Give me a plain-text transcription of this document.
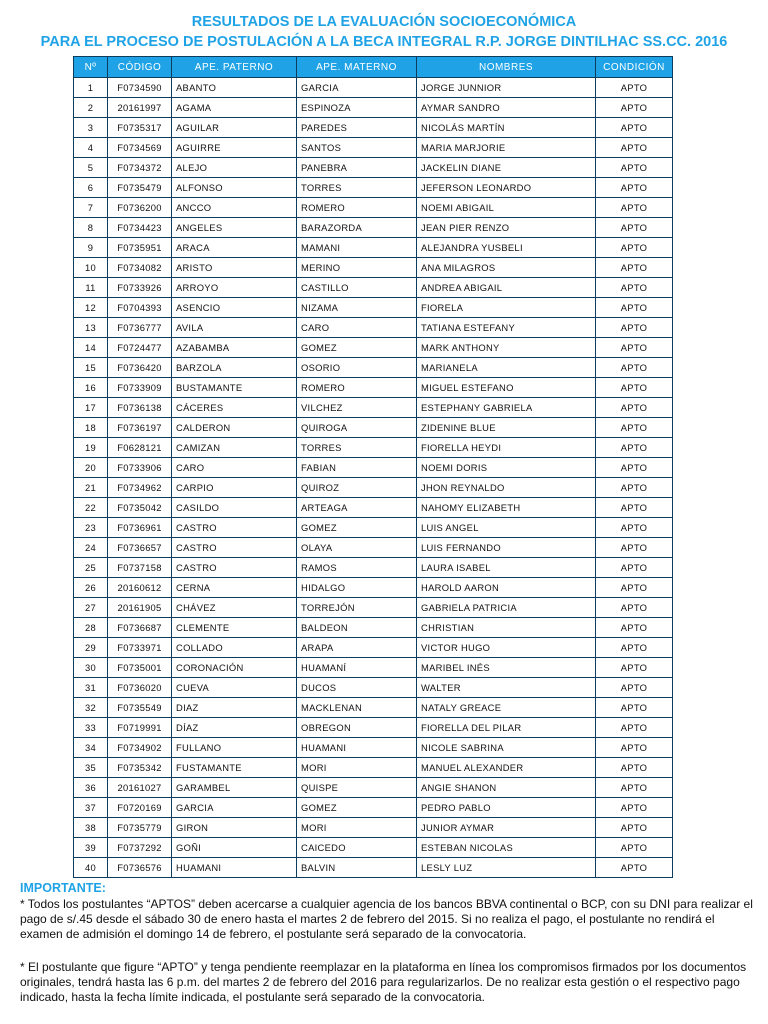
RESULTADOS DE LA EVALUACIÓN SOCIOECONÓMICA
PARA EL PROCESO DE POSTULACIÓN A LA BECA INTEGRAL R.P. JORGE DINTILHAC SS.CC. 2016
Nº	CÓDIGO	APE. PATERNO	APE. MATERNO	NOMBRES	CONDICIÓN
1	F0734590	ABANTO	GARCIA	JORGE JUNNIOR	APTO
2	20161997	AGAMA	ESPINOZA	AYMAR SANDRO	APTO
3	F0735317	AGUILAR	PAREDES	NICOLÁS MARTÍN	APTO
4	F0734569	AGUIRRE	SANTOS	MARIA MARJORIE	APTO
5	F0734372	ALEJO	PANEBRA	JACKELIN DIANE	APTO
6	F0735479	ALFONSO	TORRES	JEFERSON LEONARDO	APTO
7	F0736200	ANCCO	ROMERO	NOEMI ABIGAIL	APTO
8	F0734423	ANGELES	BARAZORDA	JEAN PIER RENZO	APTO
9	F0735951	ARACA	MAMANI	ALEJANDRA YUSBELI	APTO
10	F0734082	ARISTO	MERINO	ANA MILAGROS	APTO
11	F0733926	ARROYO	CASTILLO	ANDREA ABIGAIL	APTO
12	F0704393	ASENCIO	NIZAMA	FIORELA	APTO
13	F0736777	AVILA	CARO	TATIANA ESTEFANY	APTO
14	F0724477	AZABAMBA	GOMEZ	MARK ANTHONY	APTO
15	F0736420	BARZOLA	OSORIO	MARIANELA	APTO
16	F0733909	BUSTAMANTE	ROMERO	MIGUEL ESTEFANO	APTO
17	F0736138	CÁCERES	VILCHEZ	ESTEPHANY GABRIELA	APTO
18	F0736197	CALDERON	QUIROGA	ZIDENINE BLUE	APTO
19	F0628121	CAMIZAN	TORRES	FIORELLA HEYDI	APTO
20	F0733906	CARO	FABIAN	NOEMI DORIS	APTO
21	F0734962	CARPIO	QUIROZ	JHON REYNALDO	APTO
22	F0735042	CASILDO	ARTEAGA	NAHOMY ELIZABETH	APTO
23	F0736961	CASTRO	GOMEZ	LUIS ANGEL	APTO
24	F0736657	CASTRO	OLAYA	LUIS FERNANDO	APTO
25	F0737158	CASTRO	RAMOS	LAURA ISABEL	APTO
26	20160612	CERNA	HIDALGO	HAROLD AARON	APTO
27	20161905	CHÁVEZ	TORREJÓN	GABRIELA PATRICIA	APTO
28	F0736687	CLEMENTE	BALDEON	CHRISTIAN	APTO
29	F0733971	COLLADO	ARAPA	VICTOR HUGO	APTO
30	F0735001	CORONACIÓN	HUAMANÍ	MARIBEL INÉS	APTO
31	F0736020	CUEVA	DUCOS	WALTER	APTO
32	F0735549	DIAZ	MACKLENAN	NATALY GREACE	APTO
33	F0719991	DÍAZ	OBREGON	FIORELLA DEL PILAR	APTO
34	F0734902	FULLANO	HUAMANI	NICOLE SABRINA	APTO
35	F0735342	FUSTAMANTE	MORI	MANUEL ALEXANDER	APTO
36	20161027	GARAMBEL	QUISPE	ANGIE SHANON	APTO
37	F0720169	GARCIA	GOMEZ	PEDRO PABLO	APTO
38	F0735779	GIRON	MORI	JUNIOR AYMAR	APTO
39	F0737292	GOÑI	CAICEDO	ESTEBAN NICOLAS	APTO
40	F0736576	HUAMANI	BALVIN	LESLY LUZ	APTO
IMPORTANTE:
* Todos los postulantes “APTOS” deben acercarse a cualquier agencia de los bancos BBVA continental o BCP, con su DNI para realizar el pago de s/.45 desde el sábado 30 de enero hasta el martes 2 de febrero del 2015. Si no realiza el pago, el postulante no rendirá el examen de admisión el domingo 14 de febrero, el postulante será separado de la convocatoria.
* El postulante que figure “APTO” y tenga pendiente reemplazar en la plataforma en línea los compromisos firmados por los documentos originales, tendrá hasta las 6 p.m. del martes 2 de febrero del 2016 para regularizarlos. De no realizar esta gestión o el respectivo pago indicado, hasta la fecha límite indicada, el postulante será separado de la convocatoria.
